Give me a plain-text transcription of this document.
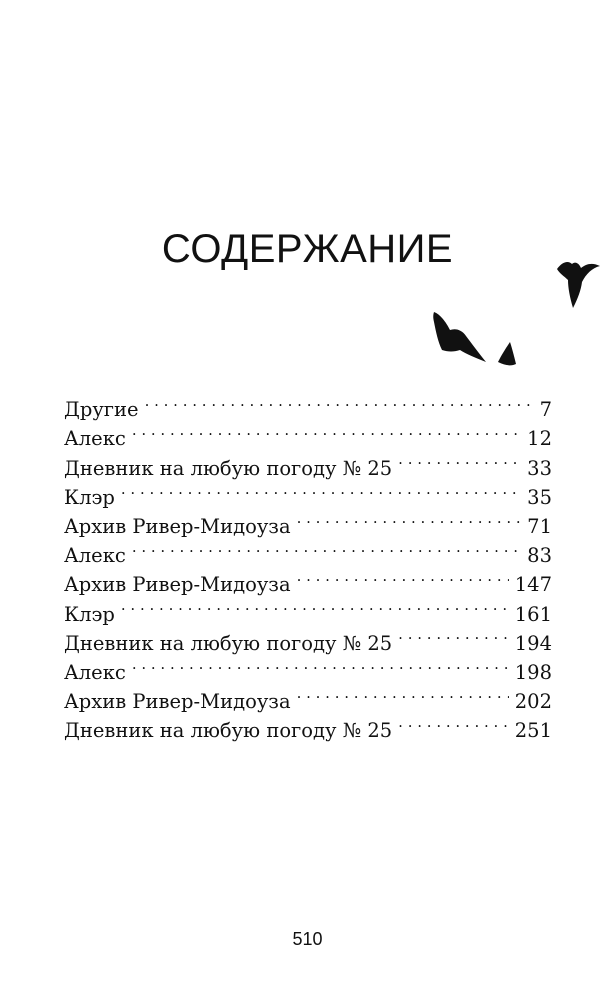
СОДЕРЖАНИЕ
Другие . . .	7
Алекс . . .	12
Дневник на любую погоду № 25 . . .	33
Клэр . . .	35
Архив Ривер-Мидоуза . . .	71
Алекс . . .	83
Архив Ривер-Мидоуза . . .	147
Клэр . . .	161
Дневник на любую погоду № 25 . . .	194
Алекс . . .	198
Архив Ривер-Мидоуза . . .	202
Дневник на любую погоду № 25 . . .	251
510
